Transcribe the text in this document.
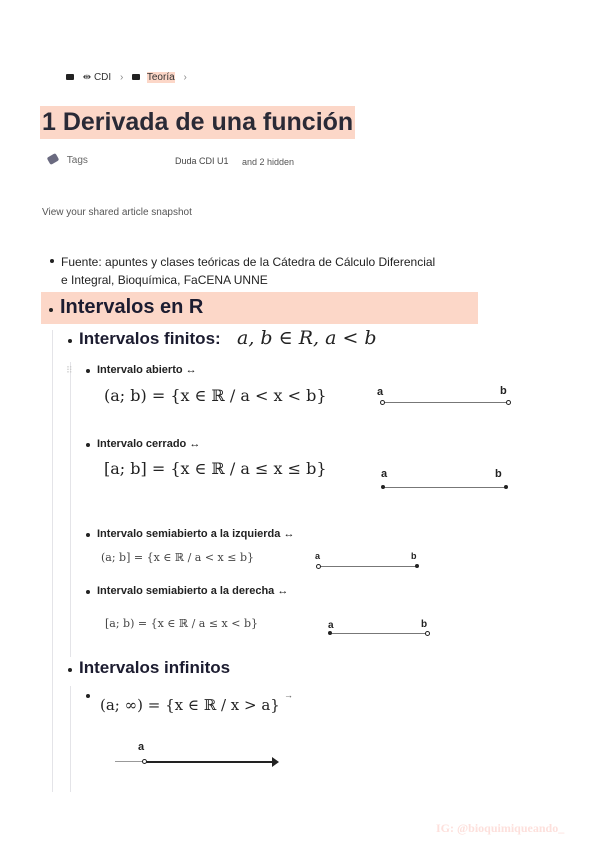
⇹ CDI › Teoría ›
1 Derivada de una función
Tags	Duda CDI U1 and 2 hidden
View your shared article snapshot
Fuente: apuntes y clases teóricas de la Cátedra de Cálculo Diferencial
e Integral, Bioquímica, FaCENA UNNE
Intervalos en R
Intervalos finitos: a, b ∈ R, a < b
⠿ Intervalo abierto ↔
(a; b) = {x ∈ ℝ / a < x < b}	a	b
Intervalo cerrado ↔
[a; b] = {x ∈ ℝ / a ≤ x ≤ b}	a	b
Intervalo semiabierto a la izquierda ↔
(a; b] = {x ∈ ℝ / a < x ≤ b}	a	b
Intervalo semiabierto a la derecha ↔
[a; b) = {x ∈ ℝ / a ≤ x < b}	a	b
Intervalos infinitos
(a; ∞) = {x ∈ ℝ / x > a}
→
a
IG: @bioquimiqueando_
